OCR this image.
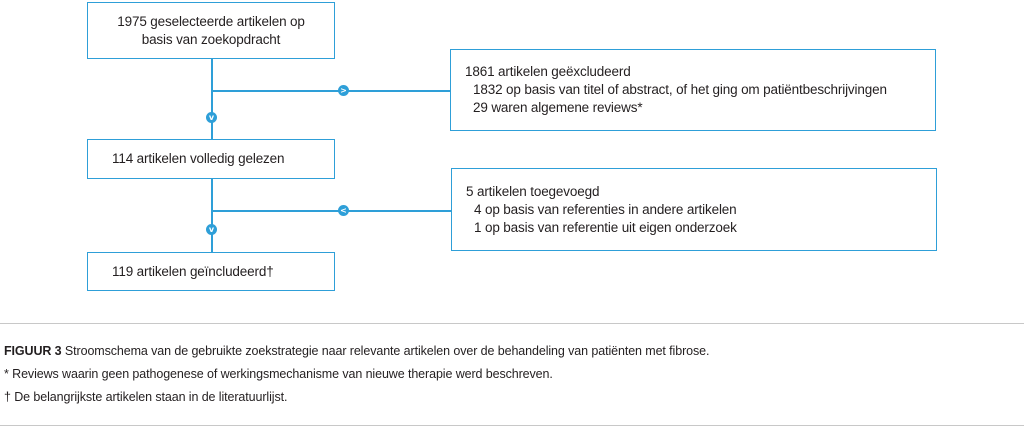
>
v
<
v
1975 geselecteerde artikelen op
basis van zoekopdracht
114 artikelen volledig gelezen
119 artikelen geïncludeerd†
1861 artikelen geëxcludeerd
1832 op basis van titel of abstract, of het ging om patiëntbeschrijvingen
29 waren algemene reviews*
5 artikelen toegevoegd
4 op basis van referenties in andere artikelen
1 op basis van referentie uit eigen onderzoek
FIGUUR 3 Stroomschema van de gebruikte zoekstrategie naar relevante artikelen over de behandeling van patiënten met fibrose.
* Reviews waarin geen pathogenese of werkingsmechanisme van nieuwe therapie werd beschreven.
† De belangrijkste artikelen staan in de literatuurlijst.
